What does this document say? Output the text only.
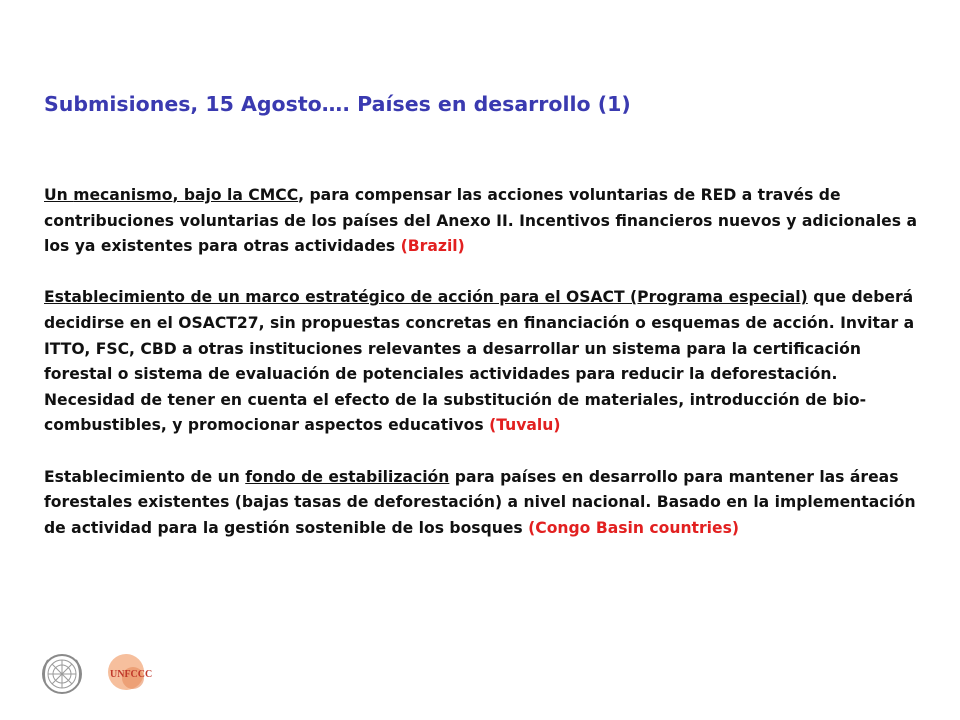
Submisiones, 15 Agosto…. Países en desarrollo (1)

Un mecanismo, bajo la CMCC, para compensar las acciones voluntarias de RED a través de contribuciones voluntarias de los países del Anexo II. Incentivos financieros nuevos y adicionales a los ya existentes para otras actividades (Brazil)

Establecimiento de un marco estratégico de acción para el OSACT (Programa especial) que deberá decidirse en el OSACT27, sin propuestas concretas en financiación o esquemas de acción. Invitar a ITTO, FSC, CBD a otras instituciones relevantes a desarrollar un sistema para la certificación forestal o sistema de evaluación de potenciales actividades para reducir la deforestación. Necesidad de tener en cuenta el efecto de la substitución de materiales, introducción de bio-combustibles, y promocionar aspectos educativos (Tuvalu)

Establecimiento de un fondo de estabilización para países en desarrollo para mantener las áreas forestales existentes (bajas tasas de deforestación) a nivel nacional. Basado en la implementación de actividad para la gestión sostenible de los bosques (Congo Basin countries)

UNFCCC
